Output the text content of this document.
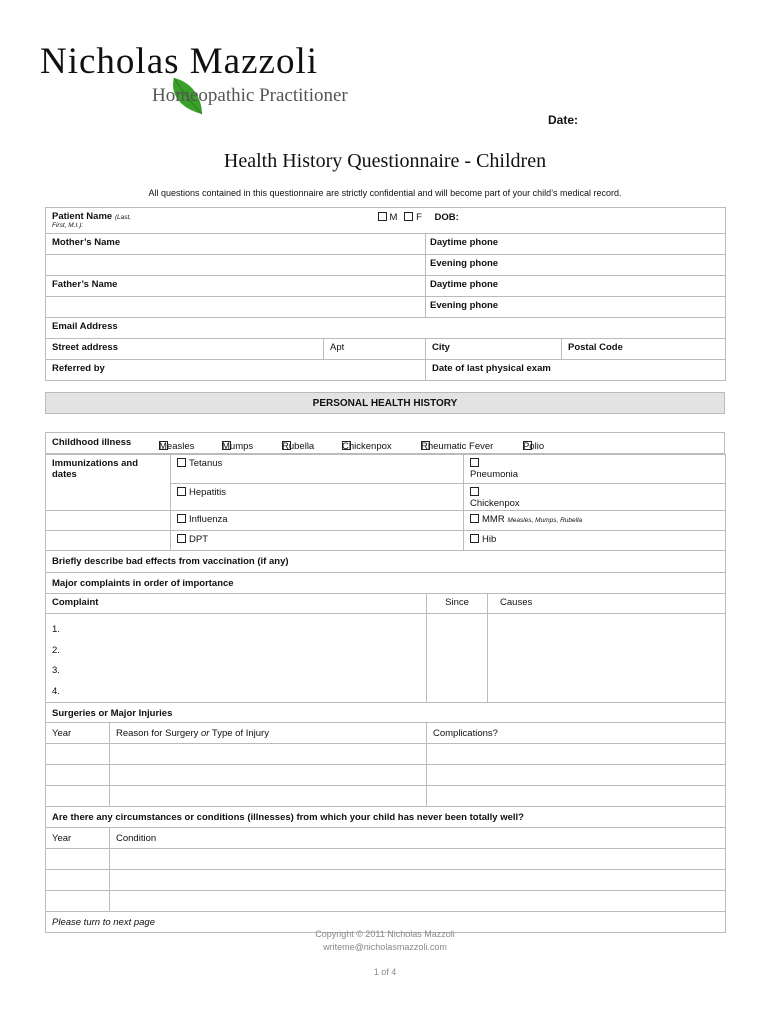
Nicholas Mazzoli
Homeopathic Practitioner
Date:
Health History Questionnaire - Children
All questions contained in this questionnaire are strictly confidential and will become part of your child’s medical record.
Patient Name (Last,
$^{First, M.I.):}$		M F DOB:	
Mother’s Name		Daytime phone	
		Evening phone	
Father’s Name		Daytime phone	
		Evening phone	
Email Address			
Street address	Apt	City	Postal Code
Referred by		Date of last physical exam	
PERSONAL HEALTH HISTORY
Childhood illness	Measles	Mumps	Rubella	Chickenpox	Rheumatic Fever	Polio
Immunizations and dates		Tetanus		Pneumonia	
		Hepatitis		Chickenpox	
		Influenza		MMR Measles, Mumps, Rubella	
		DPT		Hib	
Briefly describe bad effects from vaccination (if any)					
Major complaints in order of importance					
Complaint			Since		Causes

1.
2.
3.
4.					

Surgeries or Major Injuries					
Year	Reason for Surgery or Type of Injury		Complications?		

Are there any circumstances or conditions (illnesses) from which your child has never been totally well?					
Year	Condition				

Please turn to next page					
Copyright © 2011 Nicholas Mazzoli
writeme@nicholasmazzoli.com
1 of 4
